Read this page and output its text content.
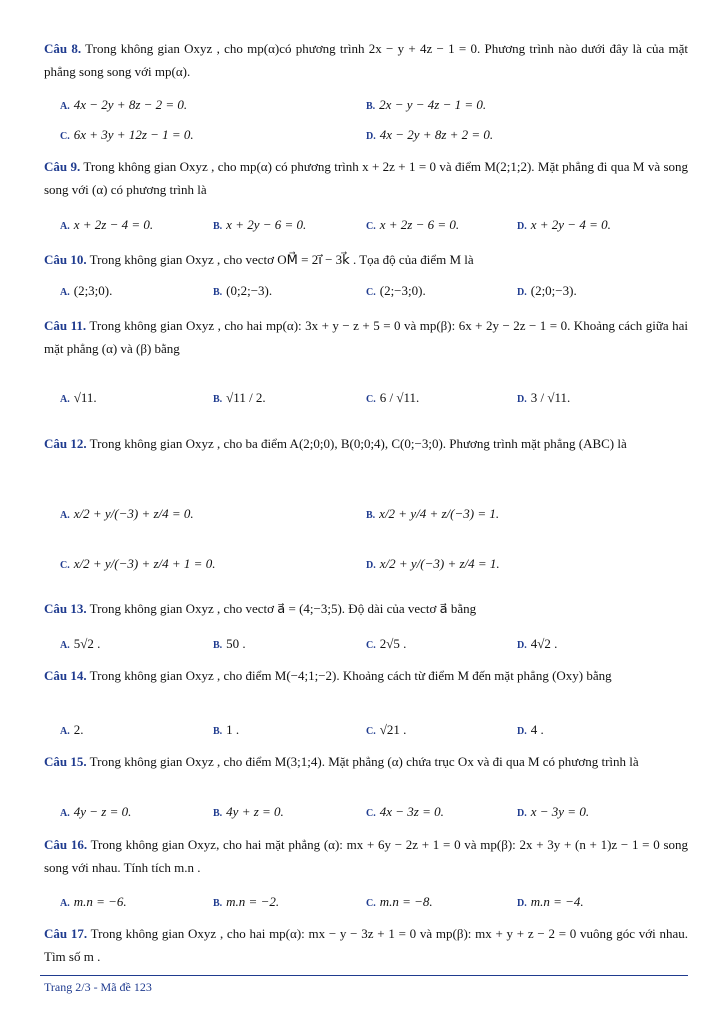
Câu 8. Trong không gian Oxyz , cho mp(α)có phương trình 2x − y + 4z − 1 = 0. Phương trình nào dưới đây là của mặt phẳng song song với mp(α).
A. 4x − 2y + 8z − 2 = 0.	B. 2x − y − 4z − 1 = 0.
C. 6x + 3y + 12z − 1 = 0.	D. 4x − 2y + 8z + 2 = 0.
Câu 9. Trong không gian Oxyz , cho mp(α) có phương trình x + 2z + 1 = 0 và điểm M(2;1;2). Mặt phẳng đi qua M và song song với (α) có phương trình là
A. x + 2z − 4 = 0.	B. x + 2y − 6 = 0.	C. x + 2z − 6 = 0.	D. x + 2y − 4 = 0.
Câu 10. Trong không gian Oxyz , cho vectơ OM⃗ = 2i⃗ − 3k⃗ . Tọa độ của điểm M là
A. (2;3;0).	B. (0;2;−3).	C. (2;−3;0).	D. (2;0;−3).
Câu 11. Trong không gian Oxyz , cho hai mp(α): 3x + y − z + 5 = 0 và mp(β): 6x + 2y − 2z − 1 = 0. Khoảng cách giữa hai mặt phẳng (α) và (β) bằng
A. √11.	B. √11 / 2.	C. 6 / √11.	D. 3 / √11.
Câu 12. Trong không gian Oxyz , cho ba điểm A(2;0;0), B(0;0;4), C(0;−3;0). Phương trình mặt phẳng (ABC) là
A. x/2 + y/(−3) + z/4 = 0.	B. x/2 + y/4 + z/(−3) = 1.
C. x/2 + y/(−3) + z/4 + 1 = 0.	D. x/2 + y/(−3) + z/4 = 1.
Câu 13. Trong không gian Oxyz , cho vectơ a⃗ = (4;−3;5). Độ dài của vectơ a⃗ bằng
A. 5√2 .	B. 50 .	C. 2√5 .	D. 4√2 .
Câu 14. Trong không gian Oxyz , cho điểm M(−4;1;−2). Khoảng cách từ điểm M đến mặt phẳng (Oxy) bằng
A. 2.	B. 1 .	C. √21 .	D. 4 .
Câu 15. Trong không gian Oxyz , cho điểm M(3;1;4). Mặt phẳng (α) chứa trục Ox và đi qua M có phương trình là
A. 4y − z = 0.	B. 4y + z = 0.	C. 4x − 3z = 0.	D. x − 3y = 0.
Câu 16. Trong không gian Oxyz, cho hai mặt phẳng (α): mx + 6y − 2z + 1 = 0 và mp(β): 2x + 3y + (n + 1)z − 1 = 0 song song với nhau. Tính tích m.n .
A. m.n = −6.	B. m.n = −2.	C. m.n = −8.	D. m.n = −4.
Câu 17. Trong không gian Oxyz , cho hai mp(α): mx − y − 3z + 1 = 0 và mp(β): mx + y + z − 2 = 0 vuông góc với nhau. Tìm số m .
Trang 2/3 - Mã đề 123
